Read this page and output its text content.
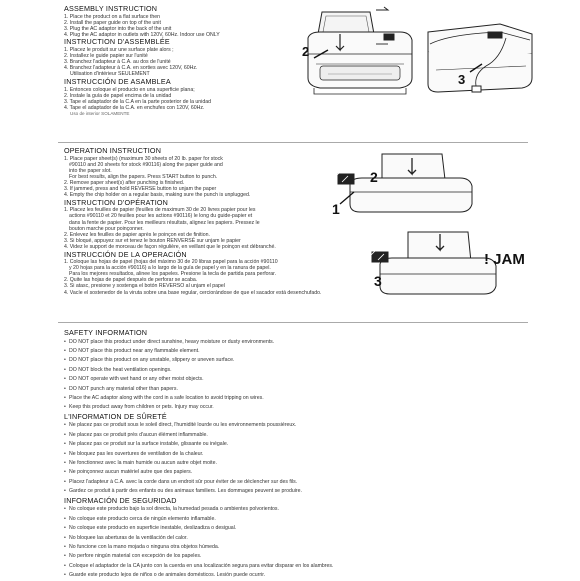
ASSEMBLY INSTRUCTION
1. Place the product on a flat surface then
2. Install the paper guide on top of the unit
3. Plug the AC adaptor into the back of the unit
4. Plug the AC adaptor in outlets with 120V, 60Hz. Indoor use ONLY
INSTRUCTION D'ASSEMBLÉE
1. Placez le produit sur une surface plate alors ;
2. Installez le guide papier sur l'unité
3. Branchez l'adapteur à C.A. au dos de l'unité
4. Branchez l'adapteur à C.A. en sorties avec 120V, 60Hz.
Utilisation d'intérieur SEULEMENT
INSTRUCCIÓN DE ASAMBLEA
1. Entonces coloque el producto en una superficie plana;
2. Instale la guía de papel encima de la unidad
3. Tape el adaptador de la C.A en la parte posterior de la unidad
4. Tape el adaptador de la C.A. en enchufes con 120V, 60Hz.
Uso de interior SOLAMENTE
2
3
OPERATION INSTRUCTION
1. Place paper sheet(s) (maximum 30 sheets of 20 lb. paper for stock
#90110 and 20 sheets for stock #90116) along the paper guide and
into the paper slot.
For best results, align the papers. Press START button to punch.
2. Remove paper sheet(s) after punching is finished.
3. If jammed, press and hold REVERSE button to unjam the paper
4. Empty the chip holder on a regular basis, making sure the punch is unplugged.
INSTRUCTION D'OPÉRATION
1. Placez les feuilles de papier (feuilles de maximum 30 de 20 livres papier pour les
actions #90110 et 20 feuilles pour les actions #90116) le long du guide-papier et
dans la fente de papier. Pour les meilleurs résultats, alignez les papiers. Pressez le
bouton marche pour poinçonner.
2. Enlevez les feuilles de papier après le poinçon est de finition.
3. Si bloqué, appuyez sur et tenez le bouton RENVERSÉ sur unjam le papier
4. Videz le support de morceau de façon régulière, en veillant que le poinçon est débranché.
INSTRUCCIÓN DE LA OPERACIÓN
1. Coloque las hojas de papel (hojas del máximo 30 de 20 libras papel para la acción #90110
y 20 hojas para la acción #90116) a lo largo de la guía de papel y en la ranura de papel.
Para los mejores resultados, alinee los papeles. Presione la tecla de partida para perforar.
2. Quite las hojas de papel después de perforar se acaba.
3. Si atasc, presione y sostenga el botón REVERSO al unjam el papel
4. Vacíe el sostenedor de la viruta sobre una base regular, cerciorándose de que el sacador está desenchufado.
1
2
3
! JAM
SAFETY INFORMATION
• DO NOT place this product under direct sunshine, heavy moisture or dusty environments.
• DO NOT place this product near any flammable element.
• DO NOT place this product on any unstable, slippery or uneven surface.
• DO NOT block the heat ventilation openings.
• DO NOT operate with wet hand or any other moist objects.
• DO NOT punch any material other than papers.
• Place the AC adaptor along with the cord in a safe location to avoid tripping on wires.
• Keep this product away from children or pets. Injury may occur.
L'INFORMATION DE SÛRETÉ
• Ne placez pas ce produit sous le soleil direct, l'humidité lourde ou les environnements poussiéreux.
• Ne placez pas ce produit près d'aucun élément inflammable.
• Ne placez pas ce produit sur la surface instable, glissante ou inégale.
• Ne bloquez pas les ouvertures de ventilation de la chaleur.
• Ne fonctionnez avec la main humide ou aucun autre objet moite.
• Ne poinçonnez aucun matériel autre que des papiers.
• Placez l'adapteur à C.A. avec la corde dans un endroit sûr pour éviter de se déclencher sur des fils.
• Gardez ce produit à partir des enfants ou des animaux familiers. Les dommages peuvent se produire.
INFORMACIÓN DE SEGURIDAD
• No coloque este producto bajo la sol directa, la humedad pesada o ambientes polvorientos.
• No coloque este producto cerca de ningún elemento inflamable.
• No coloque este producto en superficie inestable, deslizadiza o desigual.
• No bloquee las aberturas de la ventilación del calor.
• No funcione con la mano mojada o ninguna otra objetos húmeda.
• No perfore ningún material con excepción de los papeles.
• Coloque el adaptador de la CA junto con la cuerda en una localización segura para evitar disparar en los alambres.
• Guarde este producto lejos de niños o de animales domésticos. Lesión puede ocurrir.
